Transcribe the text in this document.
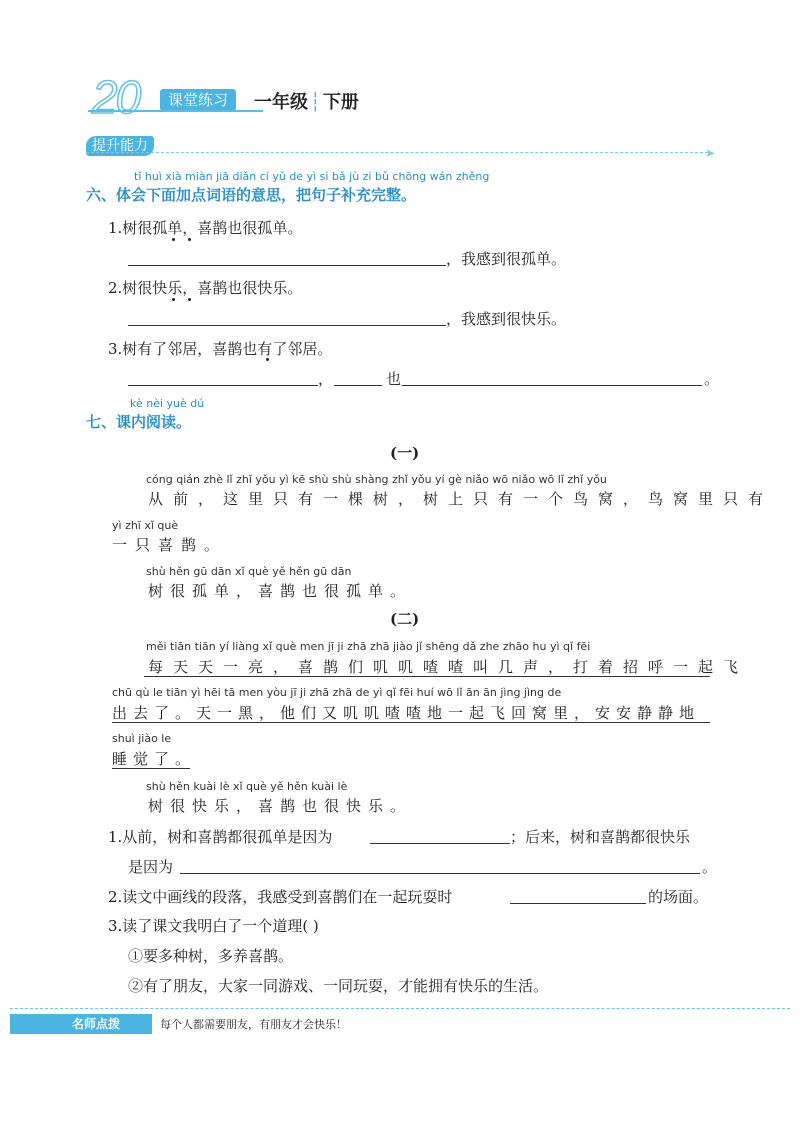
20	课堂练习	一年级 ┆ 下册
提升能力	➤
tǐ huì xià miàn jiā diǎn cí yǔ de yì si bǎ jù zi bǔ chōng wán zhěng
六、体会下面加点词语的意思，把句子补充完整。
1.树很孤单，喜鹊也很孤单。
，我感到很孤单。
2.树很快乐，喜鹊也很快乐。
，我感到很快乐。
3.树有了邻居，喜鹊也有了邻居。
，	也	。
kè nèi yuè dú
七、课内阅读。
(一)
cóng qián zhè lǐ zhǐ yǒu yì kē shù shù shàng zhǐ yǒu yí gè niǎo wō niǎo wō lǐ zhǐ yǒu
从前，这里只有一棵树，树上只有一个鸟窝，鸟窝里只有
yì zhī xǐ què
一只喜鹊。
shù hěn gū dān xǐ què yě hěn gū dān
树很孤单，喜鹊也很孤单。
(二)
měi tiān tiān yí liàng xǐ què men jī ji zhā zhā jiào jǐ shēng dǎ zhe zhāo hu yì qǐ fēi
每天天一亮，喜鹊们叽叽喳喳叫几声，打着招呼一起飞
chū qù le tiān yì hēi tā men yòu jī ji zhā zhā de yì qǐ fēi huí wō lǐ ān ān jìng jìng de
出去了。天一黑，他们又叽叽喳喳地一起飞回窝里，安安静静地
shuì jiào le
睡觉了。
shù hěn kuài lè xǐ què yě hěn kuài lè
树很快乐，喜鹊也很快乐。
1.从前，树和喜鹊都很孤单是因为	；后来，树和喜鹊都很快乐
是因为	。
2.读文中画线的段落，我感受到喜鹊们在一起玩耍时	的场面。
3.读了课文我明白了一个道理( )
①要多种树，多养喜鹊。
②有了朋友，大家一同游戏、一同玩耍，才能拥有快乐的生活。
名师点拨	每个人都需要朋友，有朋友才会快乐！
